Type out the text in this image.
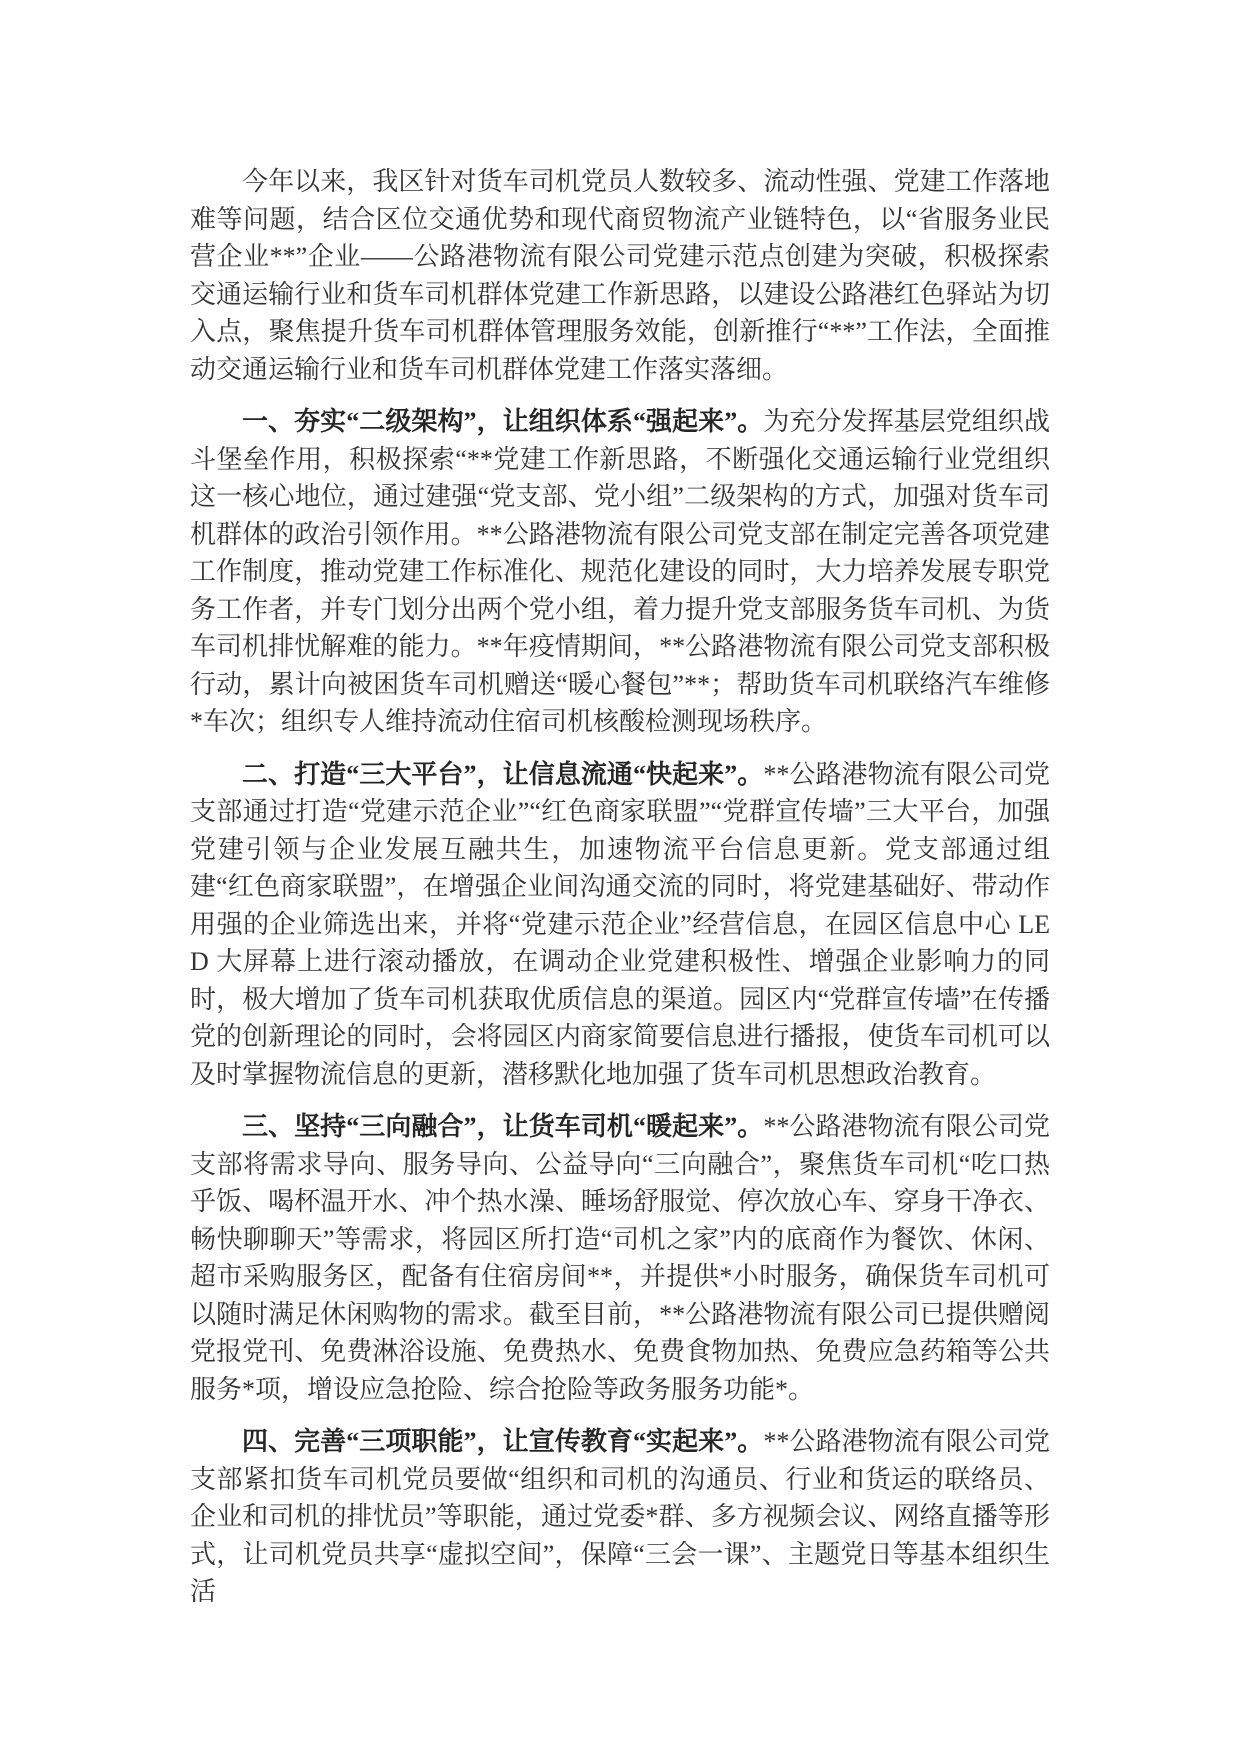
今年以来，我区针对货车司机党员人数较多、流动性强、党建工作落地难等问题，结合区位交通优势和现代商贸物流产业链特色，以“省服务业民营企业**”企业——公路港物流有限公司党建示范点创建为突破，积极探索交通运输行业和货车司机群体党建工作新思路，以建设公路港红色驿站为切入点，聚焦提升货车司机群体管理服务效能，创新推行“**”工作法，全面推动交通运输行业和货车司机群体党建工作落实落细。

一、夯实“二级架构”，让组织体系“强起来”。为充分发挥基层党组织战斗堡垒作用，积极探索“**党建工作新思路，不断强化交通运输行业党组织这一核心地位，通过建强“党支部、党小组”二级架构的方式，加强对货车司机群体的政治引领作用。**公路港物流有限公司党支部在制定完善各项党建工作制度，推动党建工作标准化、规范化建设的同时，大力培养发展专职党务工作者，并专门划分出两个党小组，着力提升党支部服务货车司机、为货车司机排忧解难的能力。**年疫情期间，**公路港物流有限公司党支部积极行动，累计向被困货车司机赠送“暖心餐包”**；帮助货车司机联络汽车维修*车次；组织专人维持流动住宿司机核酸检测现场秩序。

二、打造“三大平台”，让信息流通“快起来”。**公路港物流有限公司党支部通过打造“党建示范企业”“红色商家联盟”“党群宣传墙”三大平台，加强党建引领与企业发展互融共生，加速物流平台信息更新。党支部通过组建“红色商家联盟”，在增强企业间沟通交流的同时，将党建基础好、带动作用强的企业筛选出来，并将“党建示范企业”经营信息，在园区信息中心 LED 大屏幕上进行滚动播放，在调动企业党建积极性、增强企业影响力的同时，极大增加了货车司机获取优质信息的渠道。园区内“党群宣传墙”在传播党的创新理论的同时，会将园区内商家简要信息进行播报，使货车司机可以及时掌握物流信息的更新，潜移默化地加强了货车司机思想政治教育。

三、坚持“三向融合”，让货车司机“暖起来”。**公路港物流有限公司党支部将需求导向、服务导向、公益导向“三向融合”，聚焦货车司机“吃口热乎饭、喝杯温开水、冲个热水澡、睡场舒服觉、停次放心车、穿身干净衣、畅快聊聊天”等需求，将园区所打造“司机之家”内的底商作为餐饮、休闲、超市采购服务区，配备有住宿房间**，并提供*小时服务，确保货车司机可以随时满足休闲购物的需求。截至目前，**公路港物流有限公司已提供赠阅党报党刊、免费淋浴设施、免费热水、免费食物加热、免费应急药箱等公共服务*项，增设应急抢险、综合抢险等政务服务功能*。

四、完善“三项职能”，让宣传教育“实起来”。**公路港物流有限公司党支部紧扣货车司机党员要做“组织和司机的沟通员、行业和货运的联络员、企业和司机的排忧员”等职能，通过党委*群、多方视频会议、网络直播等形式，让司机党员共享“虚拟空间”，保障“三会一课”、主题党日等基本组织生活
